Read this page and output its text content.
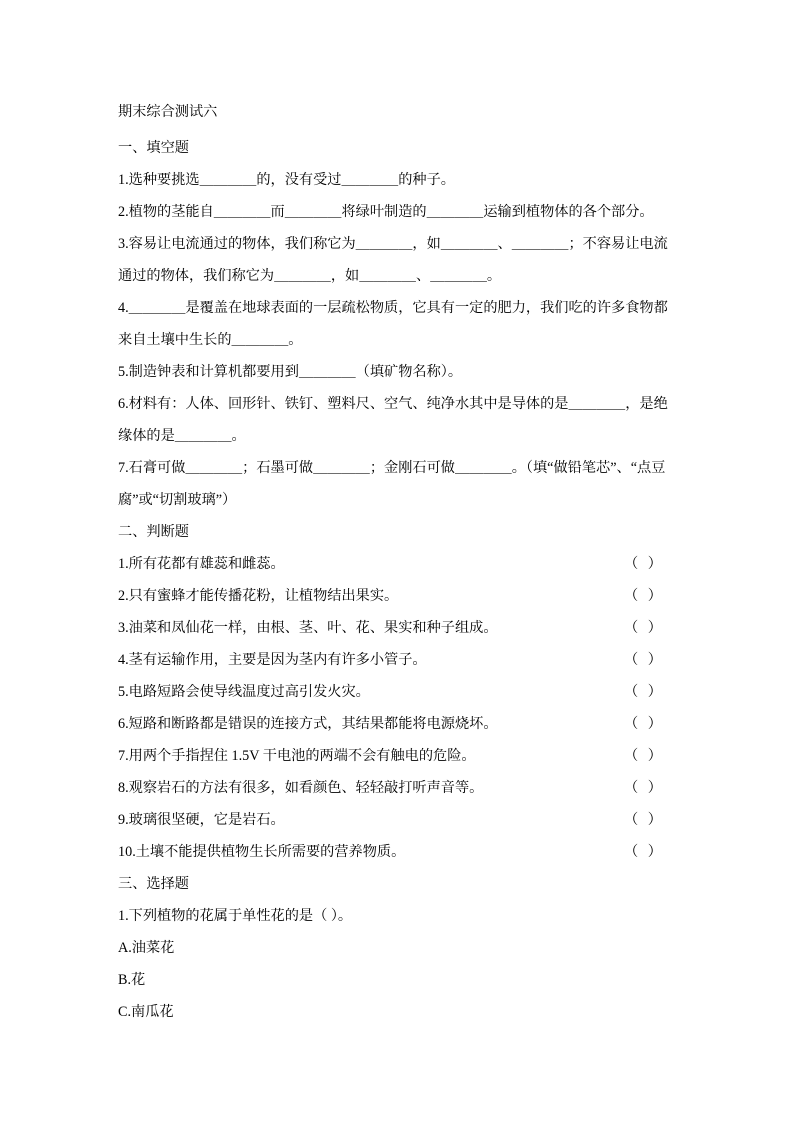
期末综合测试六
一、填空题
1.选种要挑选＿＿＿＿的，没有受过＿＿＿＿的种子。
2.植物的茎能自＿＿＿＿而＿＿＿＿将绿叶制造的＿＿＿＿运输到植物体的各个部分。
3.容易让电流通过的物体，我们称它为＿＿＿＿，如＿＿＿＿、＿＿＿＿；不容易让电流通过的物体，我们称它为＿＿＿＿，如＿＿＿＿、＿＿＿＿。
4.＿＿＿＿是覆盖在地球表面的一层疏松物质，它具有一定的肥力，我们吃的许多食物都来自土壤中生长的＿＿＿＿。
5.制造钟表和计算机都要用到＿＿＿＿（填矿物名称）。
6.材料有：人体、回形针、铁钉、塑料尺、空气、纯净水其中是导体的是＿＿＿＿，是绝缘体的是＿＿＿＿。
7.石膏可做＿＿＿＿；石墨可做＿＿＿＿；金刚石可做＿＿＿＿。（填“做铅笔芯”、“点豆腐”或“切割玻璃”）
二、判断题
1.所有花都有雄蕊和雌蕊。	（ ）
2.只有蜜蜂才能传播花粉，让植物结出果实。	（ ）
3.油菜和凤仙花一样，由根、茎、叶、花、果实和种子组成。	（ ）
4.茎有运输作用，主要是因为茎内有许多小管子。	（ ）
5.电路短路会使导线温度过高引发火灾。	（ ）
6.短路和断路都是错误的连接方式，其结果都能将电源烧坏。	（ ）
7.用两个手指捏住 1.5V 干电池的两端不会有触电的危险。	（ ）
8.观察岩石的方法有很多，如看颜色、轻轻敲打听声音等。	（ ）
9.玻璃很坚硬，它是岩石。	（ ）
10.土壤不能提供植物生长所需要的营养物质。	（ ）
三、选择题
1.下列植物的花属于单性花的是（ ）。
A.油菜花
B.花
C.南瓜花
